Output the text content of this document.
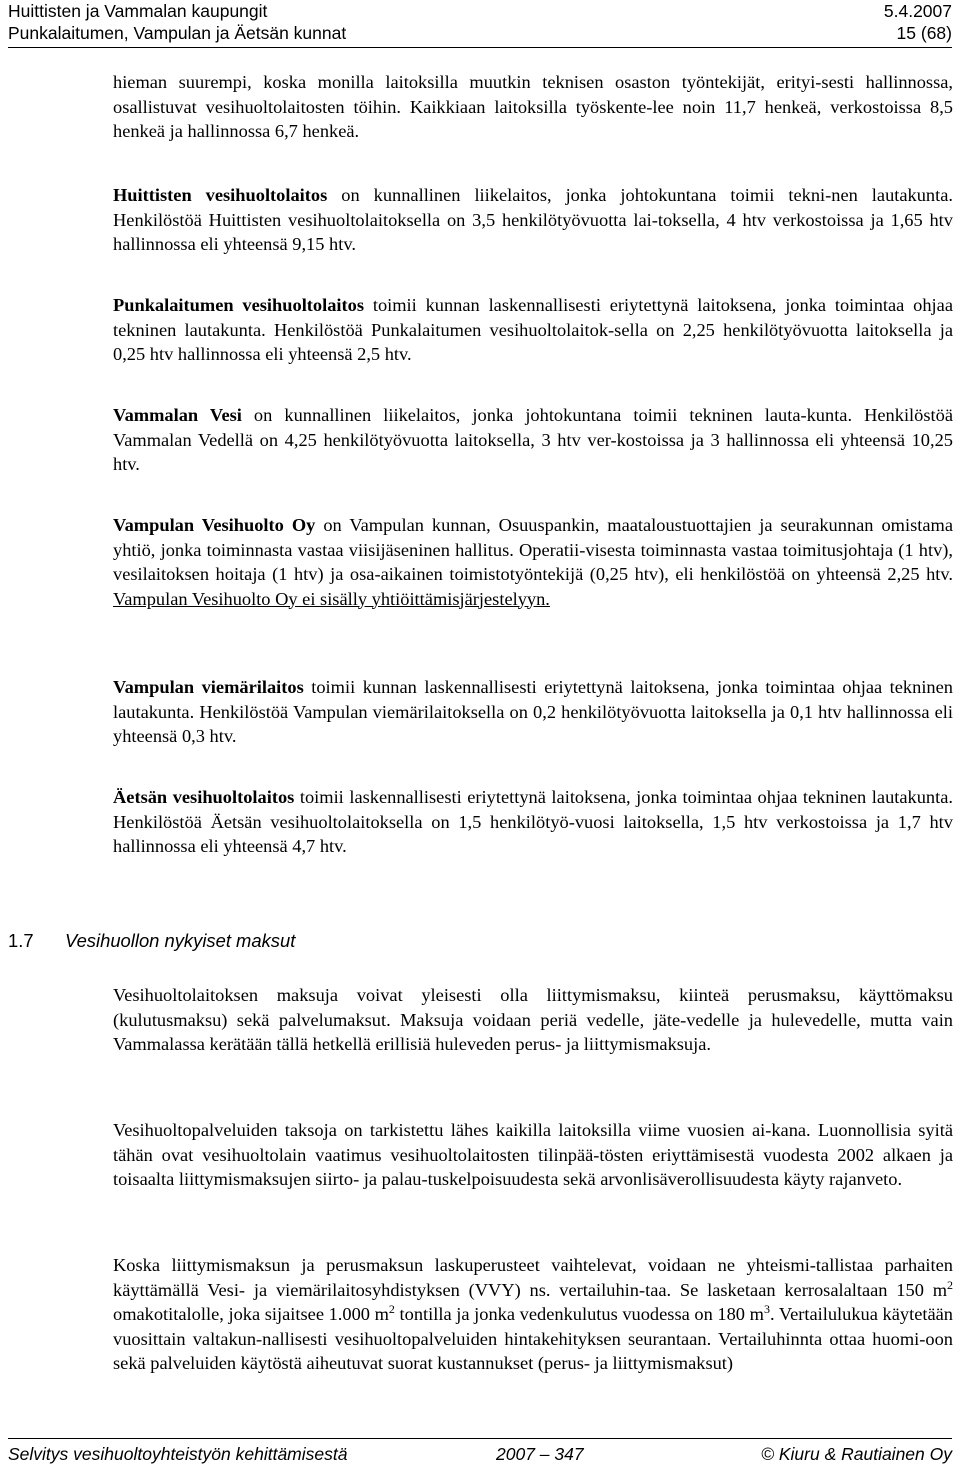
Huittisten ja Vammalan kaupungit	5.4.2007
Punkalaitumen, Vampulan ja Äetsän kunnat	15 (68)

hieman suurempi, koska monilla laitoksilla muutkin teknisen osaston työntekijät, erityi-sesti hallinnossa, osallistuvat vesihuoltolaitosten töihin. Kaikkiaan laitoksilla työskente-lee noin 11,7 henkeä, verkostoissa 8,5 henkeä ja hallinnossa 6,7 henkeä.

Huittisten vesihuoltolaitos on kunnallinen liikelaitos, jonka johtokuntana toimii tekni-nen lautakunta. Henkilöstöä Huittisten vesihuoltolaitoksella on 3,5 henkilötyövuotta lai-toksella, 4 htv verkostoissa ja 1,65 htv hallinnossa eli yhteensä 9,15 htv.

Punkalaitumen vesihuoltolaitos toimii kunnan laskennallisesti eriytettynä laitoksena, jonka toimintaa ohjaa tekninen lautakunta. Henkilöstöä Punkalaitumen vesihuoltolaitok-sella on 2,25 henkilötyövuotta laitoksella ja 0,25 htv hallinnossa eli yhteensä 2,5 htv.

Vammalan Vesi on kunnallinen liikelaitos, jonka johtokuntana toimii tekninen lauta-kunta. Henkilöstöä Vammalan Vedellä on 4,25 henkilötyövuotta laitoksella, 3 htv ver-kostoissa ja 3 hallinnossa eli yhteensä 10,25 htv.

Vampulan Vesihuolto Oy on Vampulan kunnan, Osuuspankin, maataloustuottajien ja seurakunnan omistama yhtiö, jonka toiminnasta vastaa viisijäseninen hallitus. Operatii-visesta toiminnasta vastaa toimitusjohtaja (1 htv), vesilaitoksen hoitaja (1 htv) ja osa-aikainen toimistotyöntekijä (0,25 htv), eli henkilöstöä on yhteensä 2,25 htv. Vampulan Vesihuolto Oy ei sisälly yhtiöittämisjärjestelyyn.

Vampulan viemärilaitos toimii kunnan laskennallisesti eriytettynä laitoksena, jonka toimintaa ohjaa tekninen lautakunta. Henkilöstöä Vampulan viemärilaitoksella on 0,2 henkilötyövuotta laitoksella ja 0,1 htv hallinnossa eli yhteensä 0,3 htv.

Äetsän vesihuoltolaitos toimii laskennallisesti eriytettynä laitoksena, jonka toimintaa ohjaa tekninen lautakunta. Henkilöstöä Äetsän vesihuoltolaitoksella on 1,5 henkilötyö-vuosi laitoksella, 1,5 htv verkostoissa ja 1,7 htv hallinnossa eli yhteensä 4,7 htv.

1.7 Vesihuollon nykyiset maksut

Vesihuoltolaitoksen maksuja voivat yleisesti olla liittymismaksu, kiinteä perusmaksu, käyttömaksu (kulutusmaksu) sekä palvelumaksut. Maksuja voidaan periä vedelle, jäte-vedelle ja hulevedelle, mutta vain Vammalassa kerätään tällä hetkellä erillisiä huleveden perus- ja liittymismaksuja.

Vesihuoltopalveluiden taksoja on tarkistettu lähes kaikilla laitoksilla viime vuosien ai-kana. Luonnollisia syitä tähän ovat vesihuoltolain vaatimus vesihuoltolaitosten tilinpää-tösten eriyttämisestä vuodesta 2002 alkaen ja toisaalta liittymismaksujen siirto- ja palau-tuskelpoisuudesta sekä arvonlisäverollisuudesta käyty rajanveto.

Koska liittymismaksun ja perusmaksun laskuperusteet vaihtelevat, voidaan ne yhteismi-tallistaa parhaiten käyttämällä Vesi- ja viemärilaitosyhdistyksen (VVY) ns. vertailuhin-taa. Se lasketaan kerrosalaltaan 150 $m^2$ omakotitalolle, joka sijaitsee 1.000 $m^2$ tontilla ja jonka vedenkulutus vuodessa on 180 $m^3$. Vertailulukua käytetään vuosittain valtakun-nallisesti vesihuoltopalveluiden hintakehityksen seurantaan. Vertailuhinnta ottaa huomi-oon sekä palveluiden käytöstä aiheutuvat suorat kustannukset (perus- ja liittymismaksut)

Selvitys vesihuoltoyhteistyön kehittämisestä	2007 – 347	© Kiuru & Rautiainen Oy
